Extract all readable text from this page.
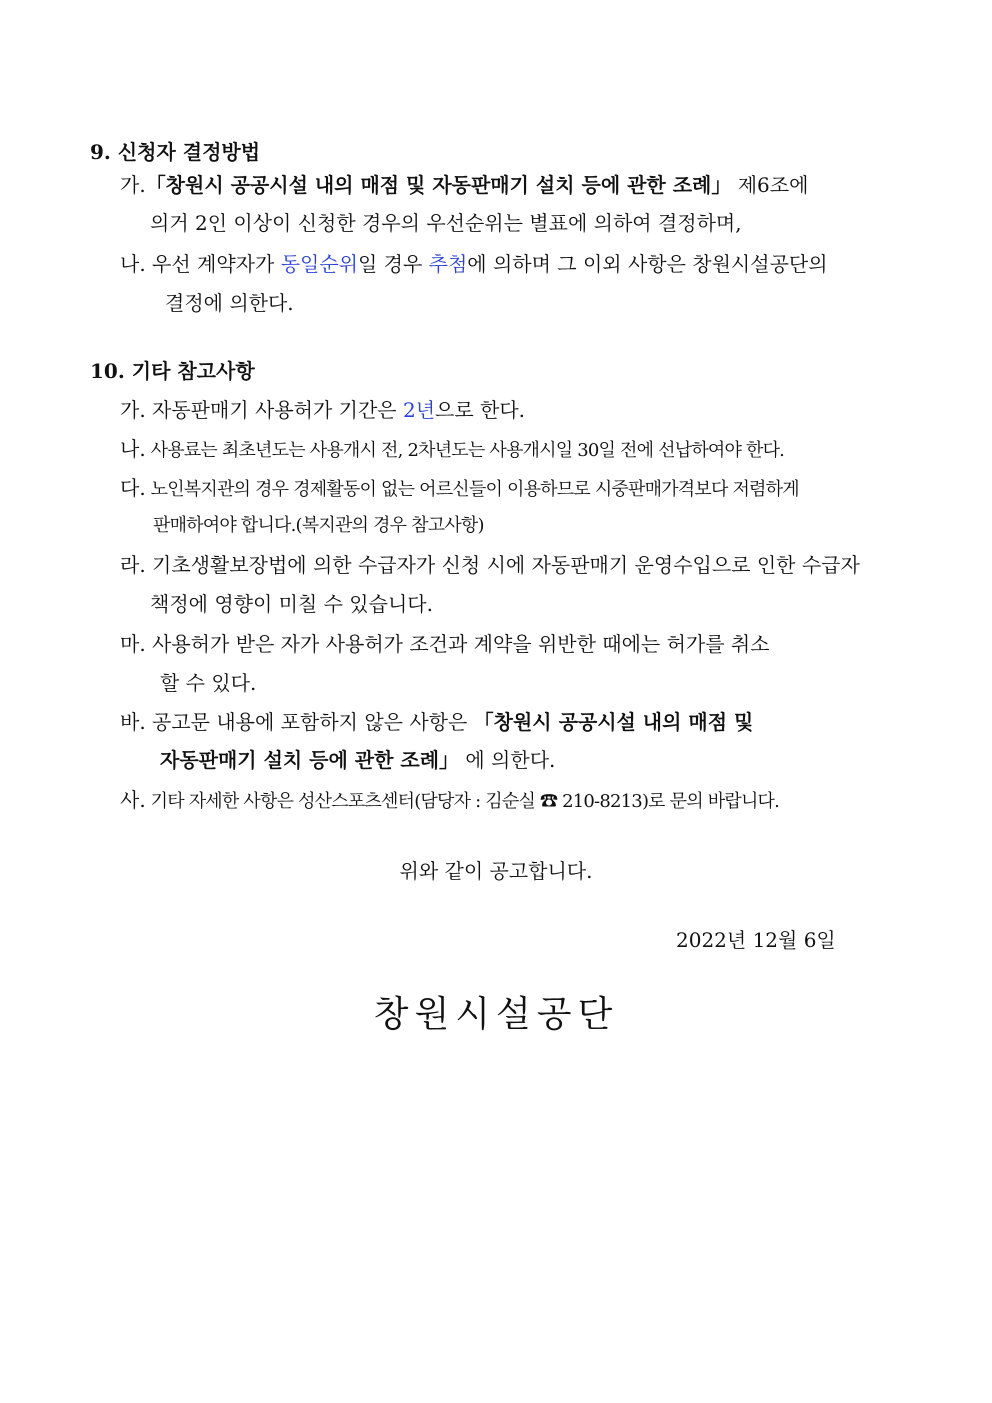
9. 신청자 결정방법
가.「창원시 공공시설 내의 매점 및 자동판매기 설치 등에 관한 조례」 제6조에
의거 2인 이상이 신청한 경우의 우선순위는 별표에 의하여 결정하며,
나. 우선 계약자가 동일순위일 경우 추첨에 의하며 그 이외 사항은 창원시설공단의
결정에 의한다.
10. 기타 참고사항
가. 자동판매기 사용허가 기간은 2년으로 한다.
나. 사용료는 최초년도는 사용개시 전, 2차년도는 사용개시일 30일 전에 선납하여야 한다.
다. 노인복지관의 경우 경제활동이 없는 어르신들이 이용하므로 시중판매가격보다 저렴하게
판매하여야 합니다.(복지관의 경우 참고사항)
라. 기초생활보장법에 의한 수급자가 신청 시에 자동판매기 운영수입으로 인한 수급자
책정에 영향이 미칠 수 있습니다.
마. 사용허가 받은 자가 사용허가 조건과 계약을 위반한 때에는 허가를 취소
할 수 있다.
바. 공고문 내용에 포함하지 않은 사항은 「창원시 공공시설 내의 매점 및
자동판매기 설치 등에 관한 조례」 에 의한다.
사. 기타 자세한 사항은 성산스포츠센터(담당자 : 김순실 ☎ 210-8213)로 문의 바랍니다.
위와 같이 공고합니다.
2022년 12월 6일
창원시설공단
